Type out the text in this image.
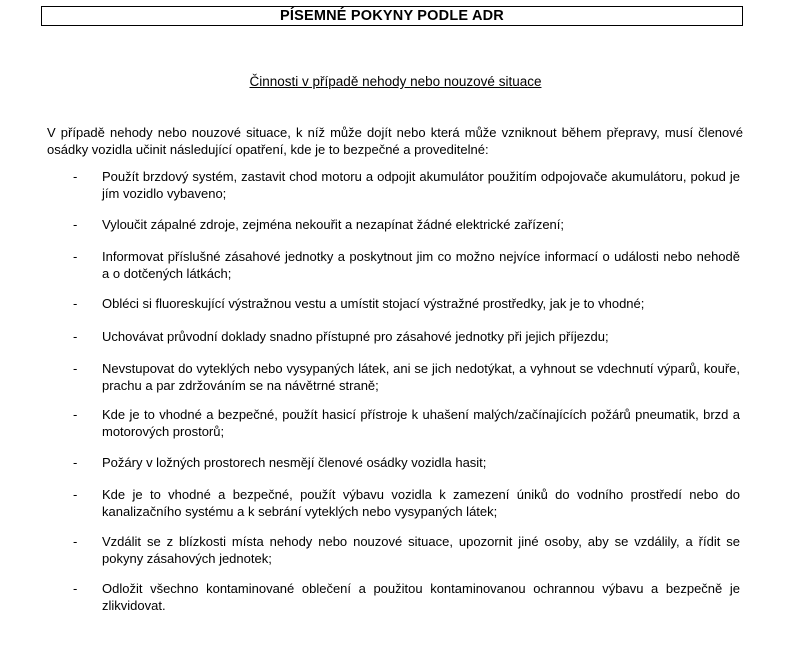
PÍSEMNÉ POKYNY PODLE ADR
Činnosti v případě nehody nebo nouzové situace
V případě nehody nebo nouzové situace, k níž může dojít nebo která může vzniknout během přepravy, musí členové osádky vozidla učinit následující opatření, kde je to bezpečné a proveditelné:
- Použít brzdový systém, zastavit chod motoru a odpojit akumulátor použitím odpojovače akumulátoru, pokud je jím vozidlo vybaveno;
- Vyloučit zápalné zdroje, zejména nekouřit a nezapínat žádné elektrické zařízení;
- Informovat příslušné zásahové jednotky a poskytnout jim co možno nejvíce informací o události nebo nehodě a o dotčených látkách;
- Obléci si fluoreskující výstražnou vestu a umístit stojací výstražné prostředky, jak je to vhodné;
- Uchovávat průvodní doklady snadno přístupné pro zásahové jednotky při jejich příjezdu;
- Nevstupovat do vyteklých nebo vysypaných látek, ani se jich nedotýkat, a vyhnout se vdechnutí výparů, kouře, prachu a par zdržováním se na návětrné straně;
- Kde je to vhodné a bezpečné, použít hasicí přístroje k uhašení malých/začínajících požárů pneumatik, brzd a motorových prostorů;
- Požáry v ložných prostorech nesmějí členové osádky vozidla hasit;
- Kde je to vhodné a bezpečné, použít výbavu vozidla k zamezení úniků do vodního prostředí nebo do kanalizačního systému a k sebrání vyteklých nebo vysypaných látek;
- Vzdálit se z blízkosti místa nehody nebo nouzové situace, upozornit jiné osoby, aby se vzdálily, a řídit se pokyny zásahových jednotek;
- Odložit všechno kontaminované oblečení a použitou kontaminovanou ochrannou výbavu a bezpečně je zlikvidovat.
